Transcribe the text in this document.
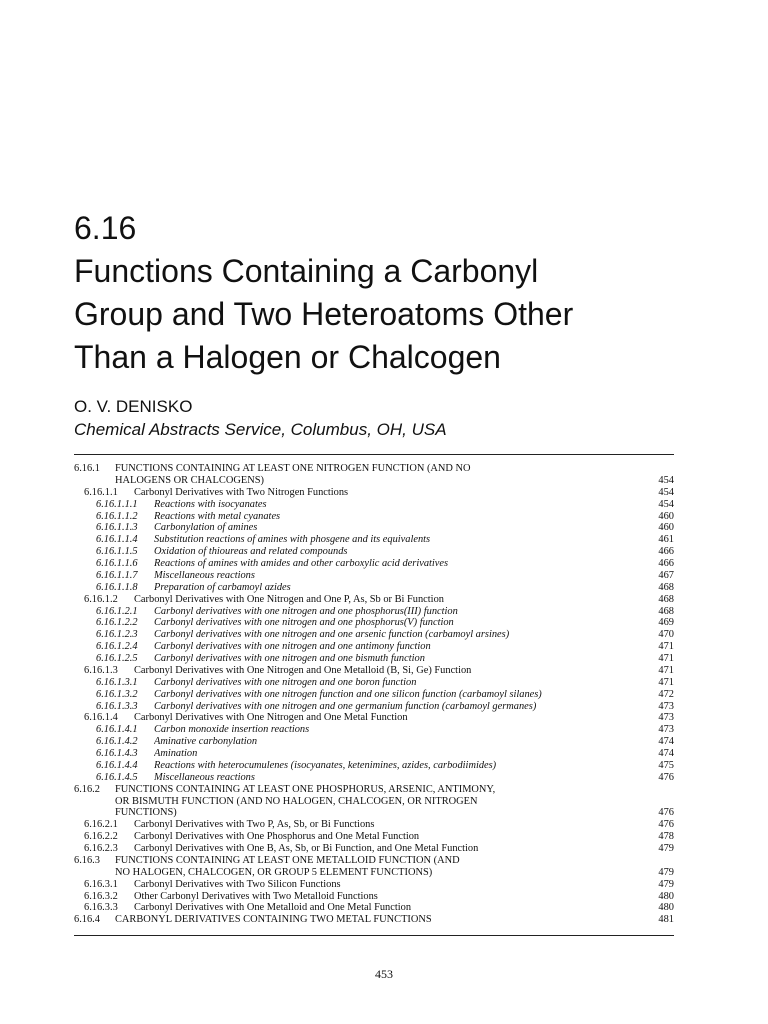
6.16
Functions Containing a Carbonyl
Group and Two Heteroatoms Other
Than a Halogen or Chalcogen
O. V. DENISKO
Chemical Abstracts Service, Columbus, OH, USA
6.16.1	FUNCTIONS CONTAINING AT LEAST ONE NITROGEN FUNCTION (AND NO
HALOGENS OR CHALCOGENS)	454
6.16.1.1	Carbonyl Derivatives with Two Nitrogen Functions	454
6.16.1.1.1	Reactions with isocyanates	454
6.16.1.1.2	Reactions with metal cyanates	460
6.16.1.1.3	Carbonylation of amines	460
6.16.1.1.4	Substitution reactions of amines with phosgene and its equivalents	461
6.16.1.1.5	Oxidation of thioureas and related compounds	466
6.16.1.1.6	Reactions of amines with amides and other carboxylic acid derivatives	466
6.16.1.1.7	Miscellaneous reactions	467
6.16.1.1.8	Preparation of carbamoyl azides	468
6.16.1.2	Carbonyl Derivatives with One Nitrogen and One P, As, Sb or Bi Function	468
6.16.1.2.1	Carbonyl derivatives with one nitrogen and one phosphorus(III) function	468
6.16.1.2.2	Carbonyl derivatives with one nitrogen and one phosphorus(V) function	469
6.16.1.2.3	Carbonyl derivatives with one nitrogen and one arsenic function (carbamoyl arsines)	470
6.16.1.2.4	Carbonyl derivatives with one nitrogen and one antimony function	471
6.16.1.2.5	Carbonyl derivatives with one nitrogen and one bismuth function	471
6.16.1.3	Carbonyl Derivatives with One Nitrogen and One Metalloid (B, Si, Ge) Function	471
6.16.1.3.1	Carbonyl derivatives with one nitrogen and one boron function	471
6.16.1.3.2	Carbonyl derivatives with one nitrogen function and one silicon function (carbamoyl silanes)	472
6.16.1.3.3	Carbonyl derivatives with one nitrogen and one germanium function (carbamoyl germanes)	473
6.16.1.4	Carbonyl Derivatives with One Nitrogen and One Metal Function	473
6.16.1.4.1	Carbon monoxide insertion reactions	473
6.16.1.4.2	Aminative carbonylation	474
6.16.1.4.3	Amination	474
6.16.1.4.4	Reactions with heterocumulenes (isocyanates, ketenimines, azides, carbodiimides)	475
6.16.1.4.5	Miscellaneous reactions	476
6.16.2	FUNCTIONS CONTAINING AT LEAST ONE PHOSPHORUS, ARSENIC, ANTIMONY,
OR BISMUTH FUNCTION (AND NO HALOGEN, CHALCOGEN, OR NITROGEN
FUNCTIONS)	476
6.16.2.1	Carbonyl Derivatives with Two P, As, Sb, or Bi Functions	476
6.16.2.2	Carbonyl Derivatives with One Phosphorus and One Metal Function	478
6.16.2.3	Carbonyl Derivatives with One B, As, Sb, or Bi Function, and One Metal Function	479
6.16.3	FUNCTIONS CONTAINING AT LEAST ONE METALLOID FUNCTION (AND
NO HALOGEN, CHALCOGEN, OR GROUP 5 ELEMENT FUNCTIONS)	479
6.16.3.1	Carbonyl Derivatives with Two Silicon Functions	479
6.16.3.2	Other Carbonyl Derivatives with Two Metalloid Functions	480
6.16.3.3	Carbonyl Derivatives with One Metalloid and One Metal Function	480
6.16.4	CARBONYL DERIVATIVES CONTAINING TWO METAL FUNCTIONS	481
453
